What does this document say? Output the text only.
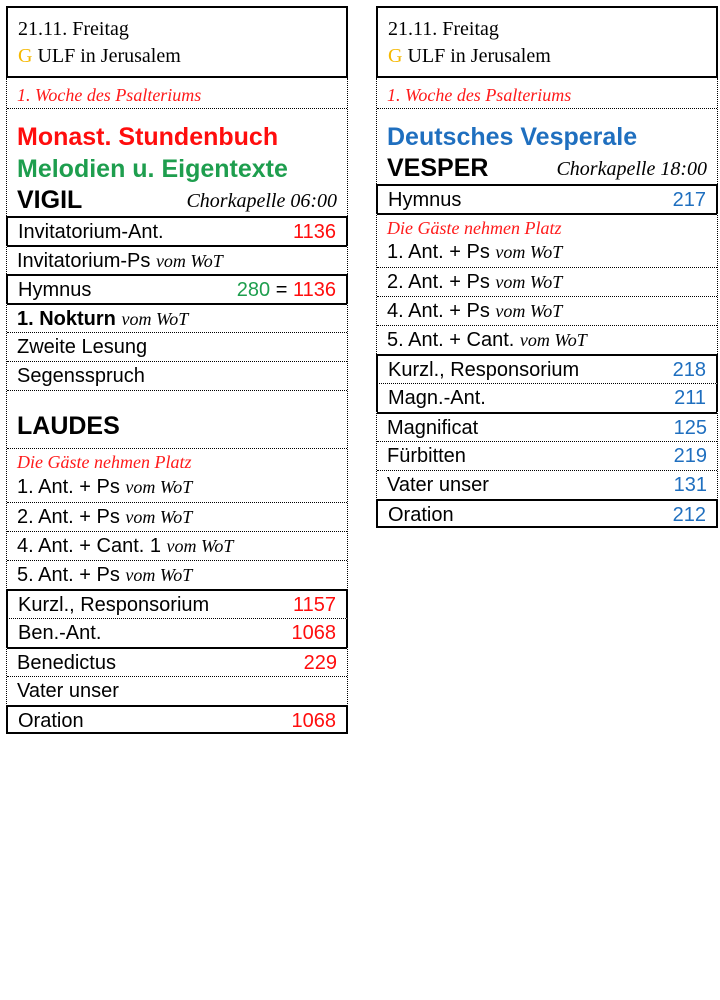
21.11. Freitag
G ULF in Jerusalem
1. Woche des Psalteriums
Monast. Stundenbuch
Melodien u. Eigentexte
VIGIL	Chorkapelle 06:00
Invitatorium-Ant.	1136
Invitatorium-Ps vom WoT
Hymnus	280 = 1136
1. Nokturn vom WoT
Zweite Lesung
Segensspruch
LAUDES
Die Gäste nehmen Platz
1. Ant. + Ps vom WoT
2. Ant. + Ps vom WoT
4. Ant. + Cant. 1 vom WoT
5. Ant. + Ps vom WoT
Kurzl., Responsorium	1157
Ben.-Ant.	1068
Benedictus	229
Vater unser
Oration	1068
21.11. Freitag
G ULF in Jerusalem
1. Woche des Psalteriums
Deutsches Vesperale
VESPER	Chorkapelle 18:00
Hymnus	217
Die Gäste nehmen Platz
1. Ant. + Ps vom WoT
2. Ant. + Ps vom WoT
4. Ant. + Ps vom WoT
5. Ant. + Cant. vom WoT
Kurzl., Responsorium	218
Magn.-Ant.	211
Magnificat	125
Fürbitten	219
Vater unser	131
Oration	212
